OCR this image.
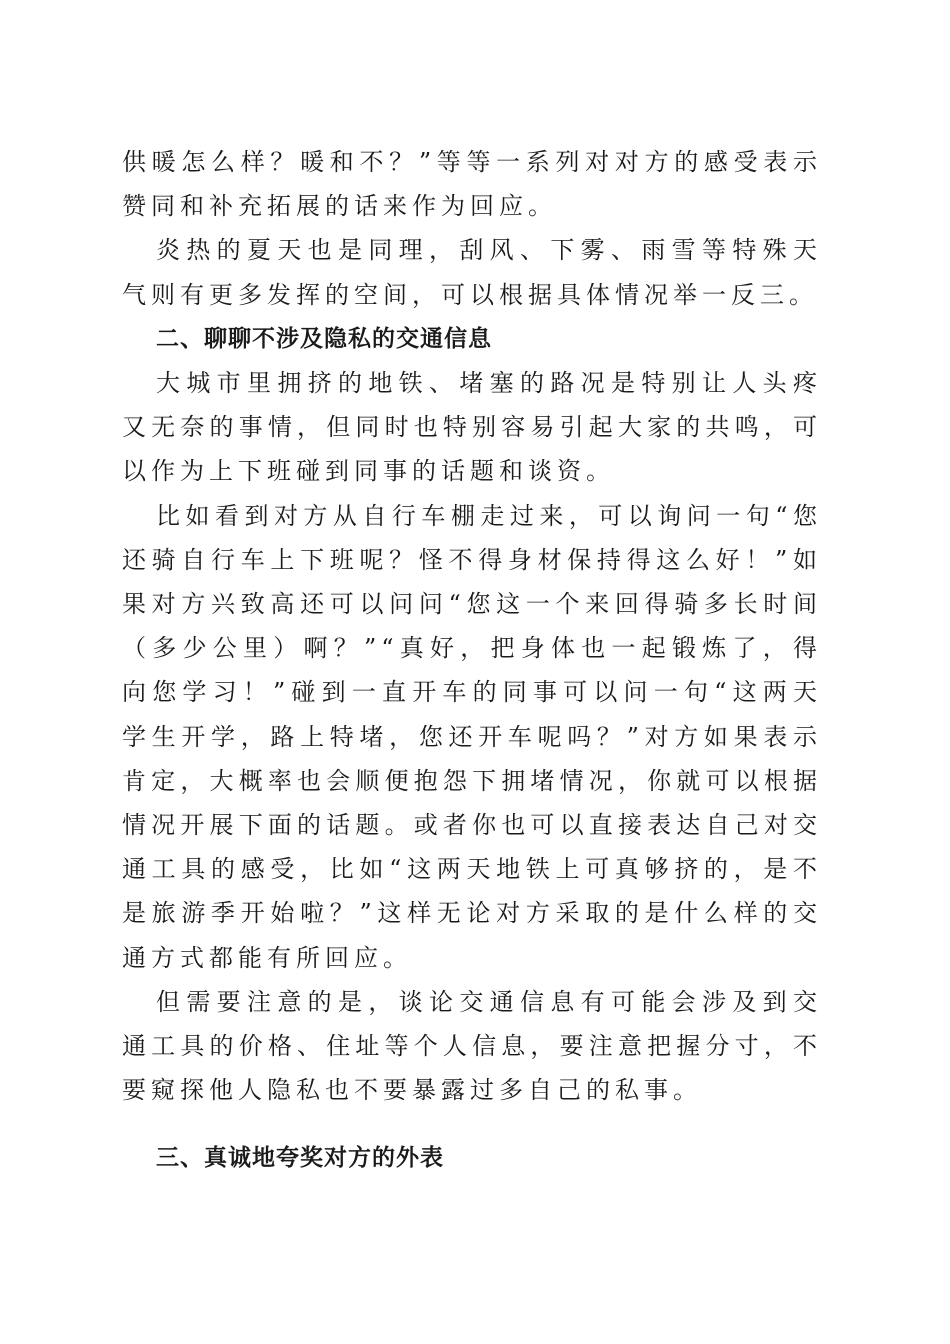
供暖怎么样？暖和不？”等等一系列对对方的感受表示赞同和补充拓展的话来作为回应。

炎热的夏天也是同理，刮风、下雾、雨雪等特殊天气则有更多发挥的空间，可以根据具体情况举一反三。

二、聊聊不涉及隐私的交通信息

大城市里拥挤的地铁、堵塞的路况是特别让人头疼又无奈的事情，但同时也特别容易引起大家的共鸣，可以作为上下班碰到同事的话题和谈资。

比如看到对方从自行车棚走过来，可以询问一句“您还骑自行车上下班呢？怪不得身材保持得这么好！”如果对方兴致高还可以问问“您这一个来回得骑多长时间（多少公里）啊？”“真好，把身体也一起锻炼了，得向您学习！”碰到一直开车的同事可以问一句“这两天学生开学，路上特堵，您还开车呢吗？”对方如果表示肯定，大概率也会顺便抱怨下拥堵情况，你就可以根据情况开展下面的话题。或者你也可以直接表达自己对交通工具的感受，比如“这两天地铁上可真够挤的，是不是旅游季开始啦？”这样无论对方采取的是什么样的交通方式都能有所回应。

但需要注意的是，谈论交通信息有可能会涉及到交通工具的价格、住址等个人信息，要注意把握分寸，不要窥探他人隐私也不要暴露过多自己的私事。

三、真诚地夸奖对方的外表
